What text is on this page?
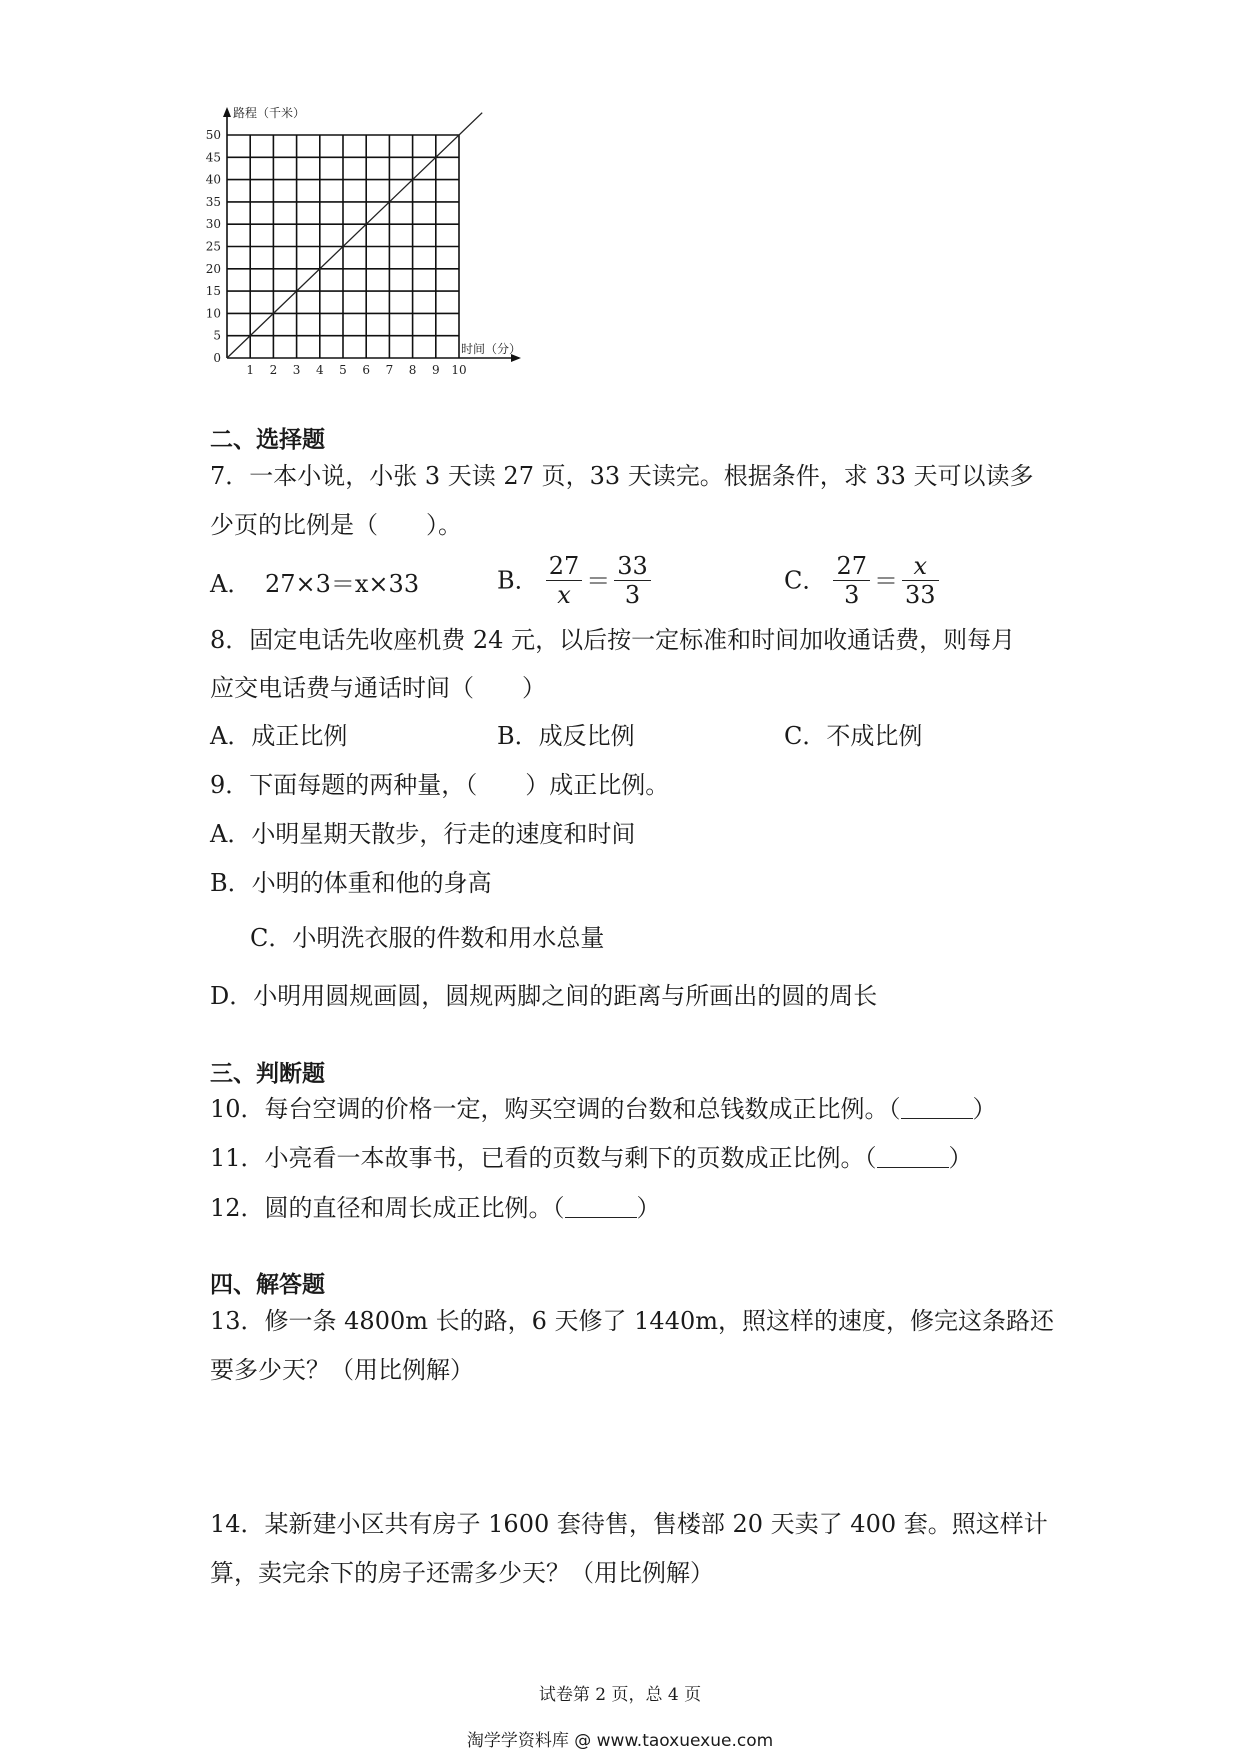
0
5
10
15
20
25
30
35
40
45
50
1 2 3 4 5 6 7 8 9 10
路程（千米）
时间（分）
二、选择题
7．一本小说，小张 3 天读 27 页，33 天读完。根据条件，求 33 天可以读多
少页的比例是（　　）。
A． 27×3＝x×33	B． $\frac{27}{x} = \frac{33}{3}$	C． $\frac{27}{3} = \frac{x}{33}$
8．固定电话先收座机费 24 元，以后按一定标准和时间加收通话费，则每月
应交电话费与通话时间（　　）
A．成正比例	B．成反比例	C．不成比例
9．下面每题的两种量，（　　）成正比例。
A．小明星期天散步，行走的速度和时间
B．小明的体重和他的身高
C．小明洗衣服的件数和用水总量
D．小明用圆规画圆，圆规两脚之间的距离与所画出的圆的周长
三、判断题
10．每台空调的价格一定，购买空调的台数和总钱数成正比例。（	）
11．小亮看一本故事书，已看的页数与剩下的页数成正比例。（	）
12．圆的直径和周长成正比例。（	）
四、解答题
13．修一条 4800m 长的路，6 天修了 1440m，照这样的速度，修完这条路还
要多少天？（用比例解）
14．某新建小区共有房子 1600 套待售，售楼部 20 天卖了 400 套。照这样计
算，卖完余下的房子还需多少天？（用比例解）
试卷第 2 页，总 4 页
淘学学资料库 @ www.taoxuexue.com
